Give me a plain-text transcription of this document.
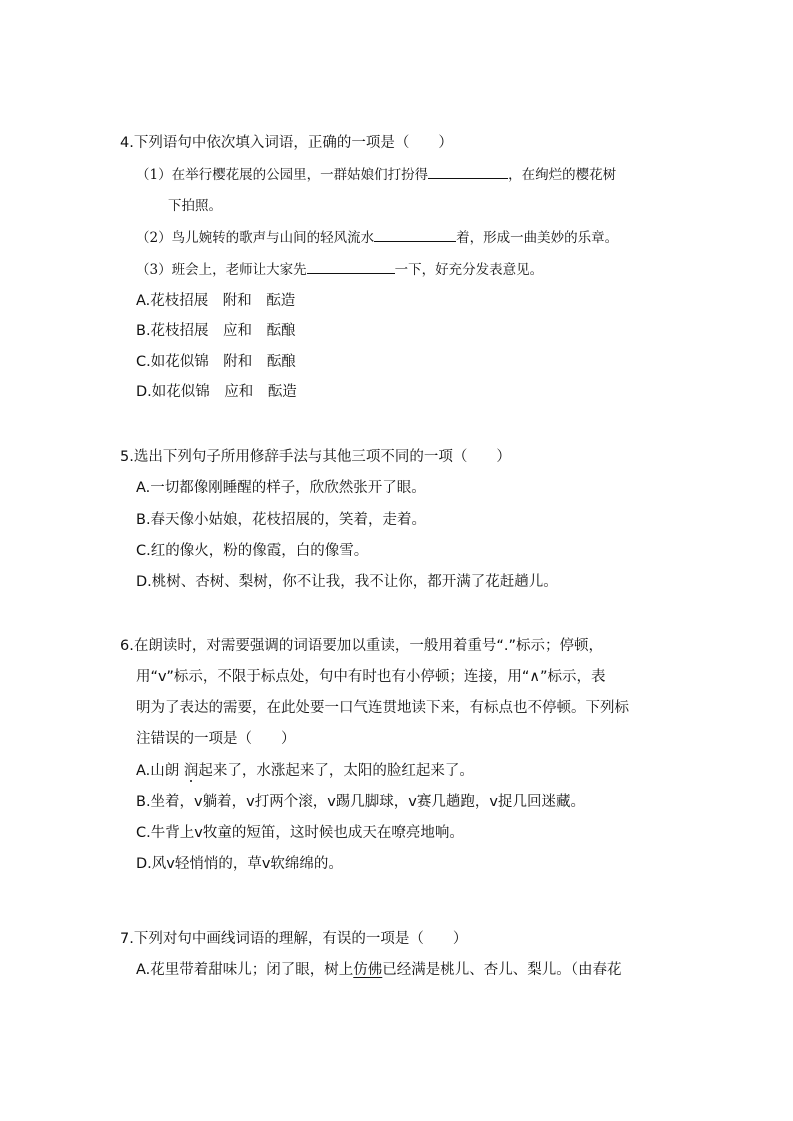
4.下列语句中依次填入词语，正确的一项是（　　）
（1）在举行樱花展的公园里，一群姑娘们打扮得	，在绚烂的樱花树
下拍照。
（2）鸟儿婉转的歌声与山间的轻风流水	着，形成一曲美妙的乐章。
（3）班会上，老师让大家先	一下，好充分发表意见。
A.花枝招展　附和　酝造
B.花枝招展　应和　酝酿
C.如花似锦　附和　酝酿
D.如花似锦　应和　酝造
5.选出下列句子所用修辞手法与其他三项不同的一项（　　）
A.一切都像刚睡醒的样子，欣欣然张开了眼。
B.春天像小姑娘，花枝招展的，笑着，走着。
C.红的像火，粉的像霞，白的像雪。
D.桃树、杏树、梨树，你不让我，我不让你，都开满了花赶趟儿。
6.在朗读时，对需要强调的词语要加以重读，一般用着重号“.”标示；停顿，
用“v”标示，不限于标点处，句中有时也有小停顿；连接，用“∧”标示，表
明为了表达的需要，在此处要一口气连贯地读下来，有标点也不停顿。下列标
注错误的一项是（　　）
A.山朗 润起来了，水涨起来了，太阳的脸红起来了。
B.坐着，v躺着，v打两个滚，v踢几脚球，v赛几趟跑，v捉几回迷藏。
C.牛背上v牧童的短笛，这时候也成天在嘹亮地响。
D.风v轻悄悄的，草v软绵绵的。
7.下列对句中画线词语的理解，有误的一项是（　　）
A.花里带着甜味儿；闭了眼，树上仿佛已经满是桃儿、杏儿、梨儿。（由春花
